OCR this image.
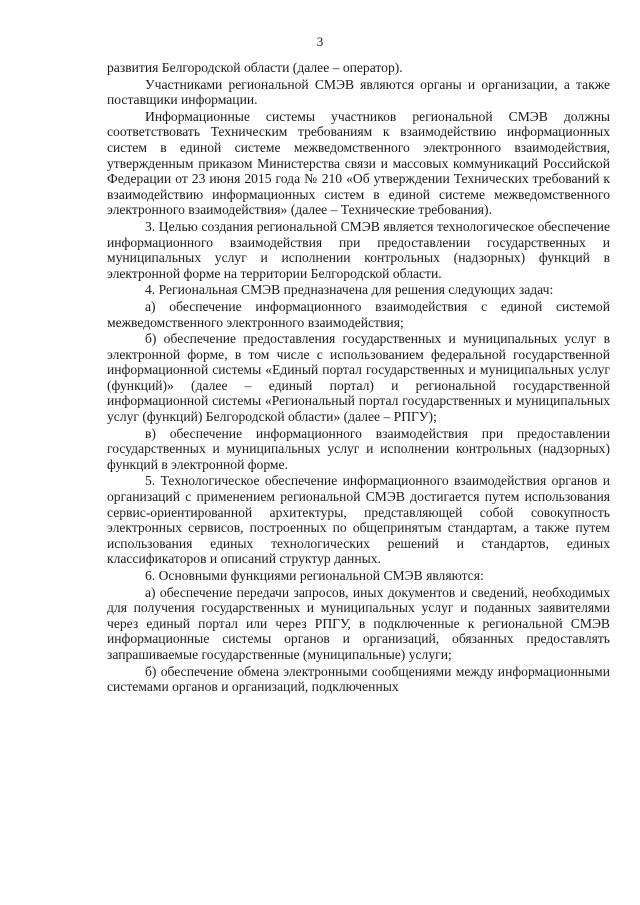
3

развития Белгородской области (далее – оператор).

Участниками региональной СМЭВ являются органы и организации, а также поставщики информации.

Информационные системы участников региональной СМЭВ должны соответствовать Техническим требованиям к взаимодействию информационных систем в единой системе межведомственного электронного взаимодействия, утвержденным приказом Министерства связи и массовых коммуникаций Российской Федерации от 23 июня 2015 года № 210 «Об утверждении Технических требований к взаимодействию информационных систем в единой системе межведомственного электронного взаимодействия» (далее – Технические требования).

3. Целью создания региональной СМЭВ является технологическое обеспечение информационного взаимодействия при предоставлении государственных и муниципальных услуг и исполнении контрольных (надзорных) функций в электронной форме на территории Белгородской области.

4. Региональная СМЭВ предназначена для решения следующих задач:

а) обеспечение информационного взаимодействия с единой системой межведомственного электронного взаимодействия;

б) обеспечение предоставления государственных и муниципальных услуг в электронной форме, в том числе с использованием федеральной государственной информационной системы «Единый портал государственных и муниципальных услуг (функций)» (далее – единый портал) и региональной государственной информационной системы «Региональный портал государственных и муниципальных услуг (функций) Белгородской области» (далее – РПГУ);

в) обеспечение информационного взаимодействия при предоставлении государственных и муниципальных услуг и исполнении контрольных (надзорных) функций в электронной форме.

5. Технологическое обеспечение информационного взаимодействия органов и организаций с применением региональной СМЭВ достигается путем использования сервис-ориентированной архитектуры, представляющей собой совокупность электронных сервисов, построенных по общепринятым стандартам, а также путем использования единых технологических решений и стандартов, единых классификаторов и описаний структур данных.

6. Основными функциями региональной СМЭВ являются:

а) обеспечение передачи запросов, иных документов и сведений, необходимых для получения государственных и муниципальных услуг и поданных заявителями через единый портал или через РПГУ, в подключенные к региональной СМЭВ информационные системы органов и организаций, обязанных предоставлять запрашиваемые государственные (муниципальные) услуги;

б) обеспечение обмена электронными сообщениями между информационными системами органов и организаций, подключенных
